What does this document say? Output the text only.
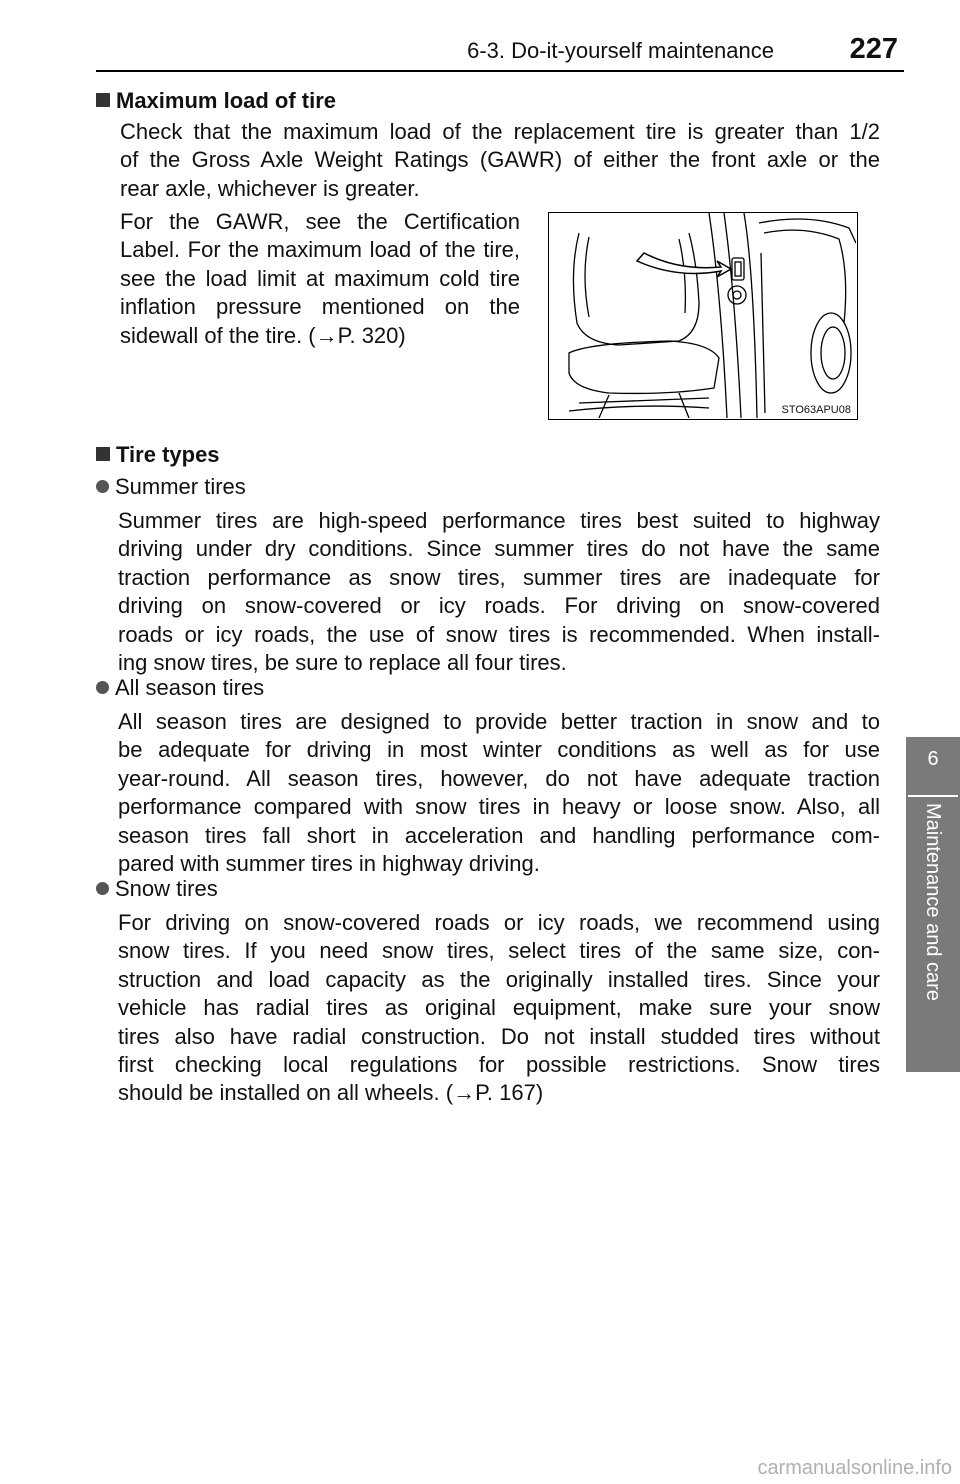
6-3. Do-it-yourself maintenance	227
6
Maintenance and care
Maximum load of tire
Check that the maximum load of the replacement tire is greater than 1/2
of the Gross Axle Weight Ratings (GAWR) of either the front axle or the
rear axle, whichever is greater.
For the GAWR, see the Certification
Label. For the maximum load of the tire,
see the load limit at maximum cold tire
inflation pressure mentioned on the
sidewall of the tire. (→P. 320)
STO63APU08
Tire types
Summer tires
Summer tires are high-speed performance tires best suited to highway
driving under dry conditions. Since summer tires do not have the same
traction performance as snow tires, summer tires are inadequate for
driving on snow-covered or icy roads. For driving on snow-covered
roads or icy roads, the use of snow tires is recommended. When install-
ing snow tires, be sure to replace all four tires.
All season tires
All season tires are designed to provide better traction in snow and to
be adequate for driving in most winter conditions as well as for use
year-round. All season tires, however, do not have adequate traction
performance compared with snow tires in heavy or loose snow. Also, all
season tires fall short in acceleration and handling performance com-
pared with summer tires in highway driving.
Snow tires
For driving on snow-covered roads or icy roads, we recommend using
snow tires. If you need snow tires, select tires of the same size, con-
struction and load capacity as the originally installed tires. Since your
vehicle has radial tires as original equipment, make sure your snow
tires also have radial construction. Do not install studded tires without
first checking local regulations for possible restrictions. Snow tires
should be installed on all wheels. (→P. 167)
carmanualsonline.info
